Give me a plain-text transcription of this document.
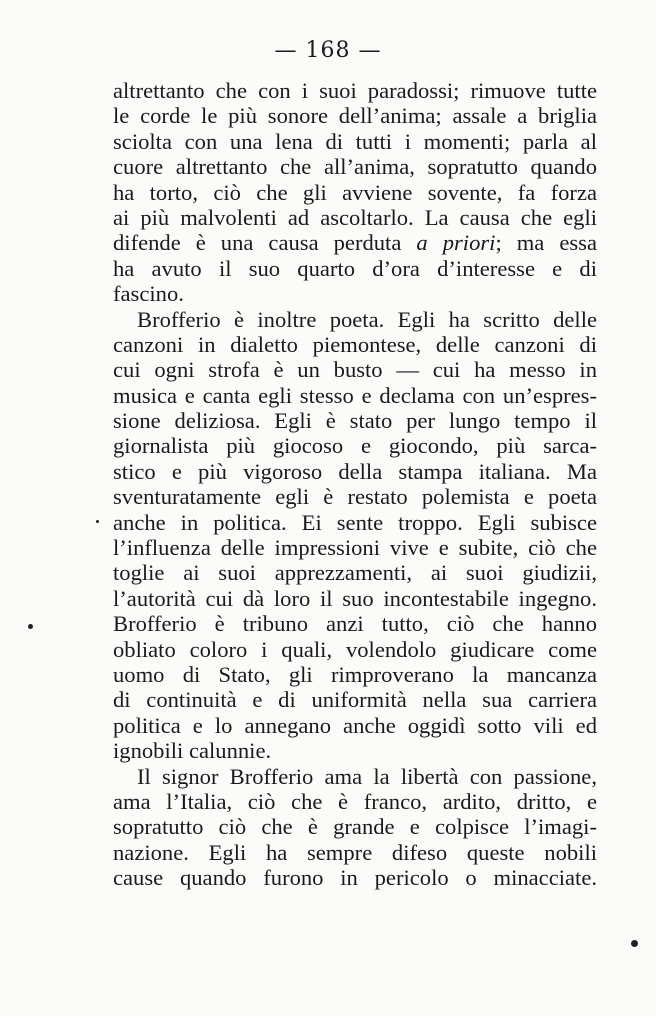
— 168 —
altrettanto che con i suoi paradossi; rimuove tutte
le corde le più sonore dell’anima; assale a briglia
sciolta con una lena di tutti i momenti; parla al
cuore altrettanto che all’anima, sopratutto quando
ha torto, ciò che gli avviene sovente, fa forza
ai più malvolenti ad ascoltarlo. La causa che egli
difende è una causa perduta a priori; ma essa
ha avuto il suo quarto d’ora d’interesse e di
fascino.
Brofferio è inoltre poeta. Egli ha scritto delle
canzoni in dialetto piemontese, delle canzoni di
cui ogni strofa è un busto — cui ha messo in
musica e canta egli stesso e declama con un’espres-
sione deliziosa. Egli è stato per lungo tempo il
giornalista più giocoso e giocondo, più sarca-
stico e più vigoroso della stampa italiana. Ma
sventuratamente egli è restato polemista e poeta
anche in politica. Ei sente troppo. Egli subisce
l’influenza delle impressioni vive e subite, ciò che
toglie ai suoi apprezzamenti, ai suoi giudizii,
l’autorità cui dà loro il suo incontestabile ingegno.
Brofferio è tribuno anzi tutto, ciò che hanno
obliato coloro i quali, volendolo giudicare come
uomo di Stato, gli rimproverano la mancanza
di continuità e di uniformità nella sua carriera
politica e lo annegano anche oggidì sotto vili ed
ignobili calunnie.
Il signor Brofferio ama la libertà con passione,
ama l’Italia, ciò che è franco, ardito, dritto, e
sopratutto ciò che è grande e colpisce l’imagi-
nazione. Egli ha sempre difeso queste nobili
cause quando furono in pericolo o minacciate.
